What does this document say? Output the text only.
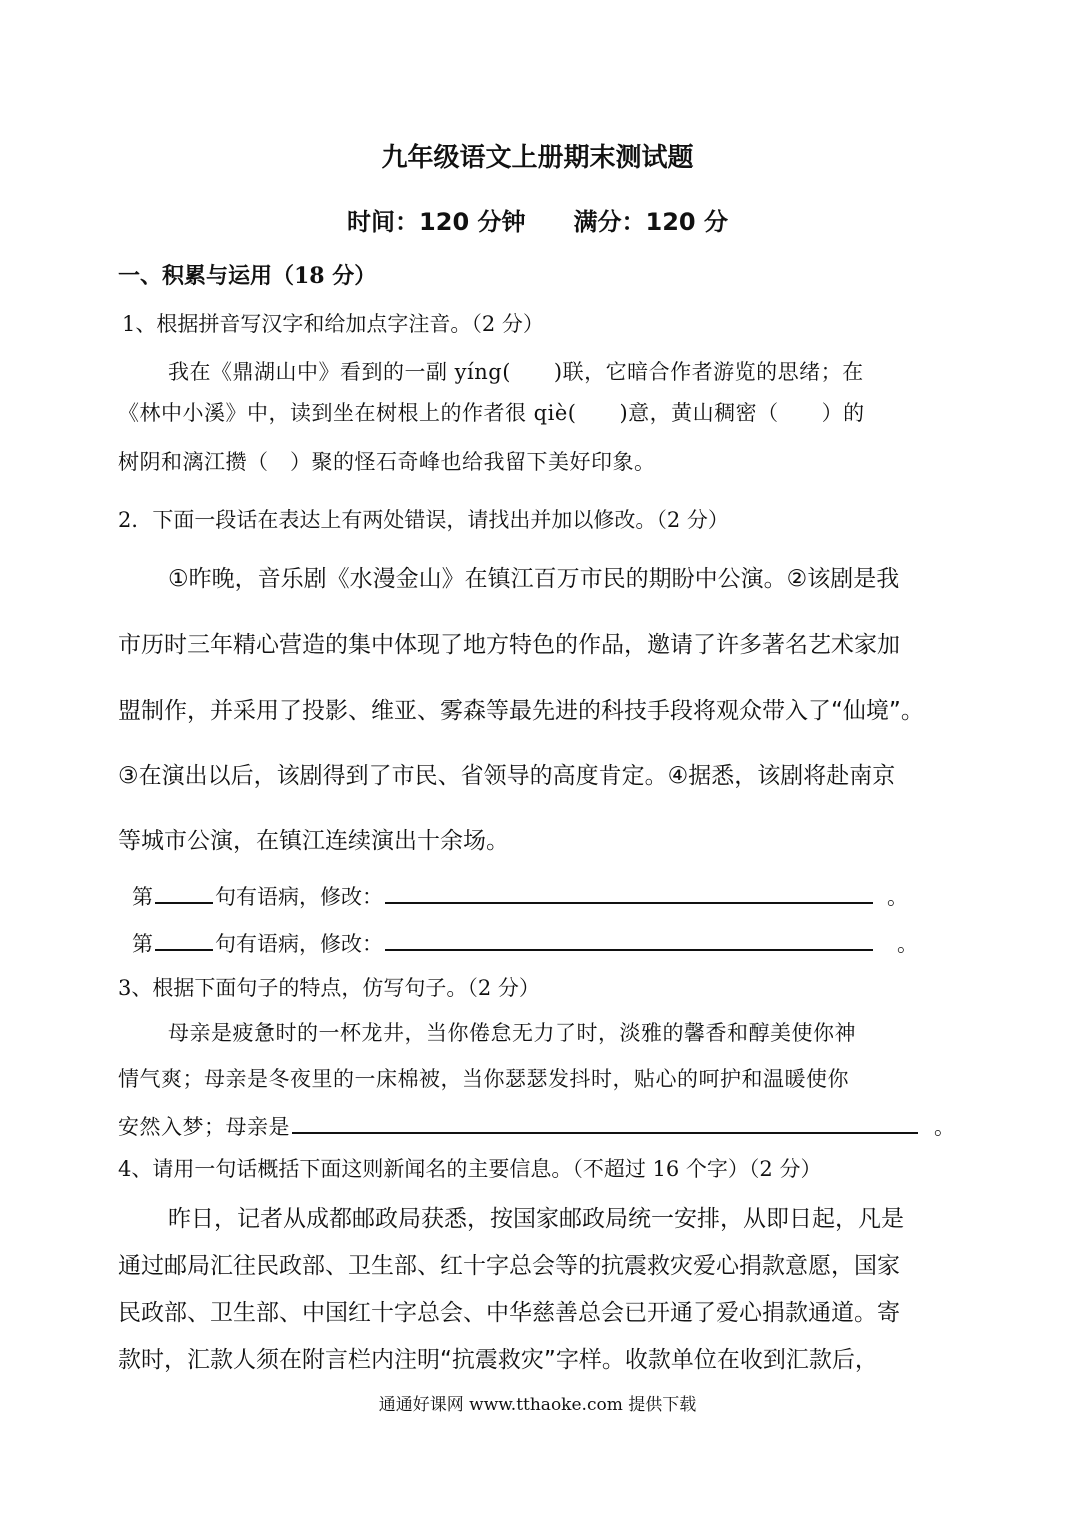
九年级语文上册期末测试题
时间：120 分钟　　满分：120 分
一、积累与运用（18 分）
1、根据拼音写汉字和给加点字注音。（2 分）
我在《鼎湖山中》看到的一副 yíng(　　)联，它暗合作者游览的思绪；在
《林中小溪》中，读到坐在树根上的作者很 qiè(　　)意，黄山稠密（　　）的
树阴和漓江攒（　）聚的怪石奇峰也给我留下美好印象。
2．下面一段话在表达上有两处错误，请找出并加以修改。（2 分）
①昨晚，音乐剧《水漫金山》在镇江百万市民的期盼中公演。②该剧是我
市历时三年精心营造的集中体现了地方特色的作品，邀请了许多著名艺术家加
盟制作，并采用了投影、维亚、雾森等最先进的科技手段将观众带入了“仙境”。
③在演出以后，该剧得到了市民、省领导的高度肯定。④据悉，该剧将赴南京
等城市公演，在镇江连续演出十余场。
第	句有语病，修改：	。
第	句有语病，修改：	。
3、根据下面句子的特点，仿写句子。（2 分）
母亲是疲惫时的一杯龙井，当你倦怠无力了时，淡雅的馨香和醇美使你神
情气爽；母亲是冬夜里的一床棉被，当你瑟瑟发抖时，贴心的呵护和温暖使你
安然入梦；母亲是	。
4、请用一句话概括下面这则新闻名的主要信息。（不超过 16 个字）（2 分）
昨日，记者从成都邮政局获悉，按国家邮政局统一安排，从即日起，凡是
通过邮局汇往民政部、卫生部、红十字总会等的抗震救灾爱心捐款意愿，国家
民政部、卫生部、中国红十字总会、中华慈善总会已开通了爱心捐款通道。寄
款时，汇款人须在附言栏内注明“抗震救灾”字样。收款单位在收到汇款后，
通通好课网 www.tthaoke.com 提供下载
